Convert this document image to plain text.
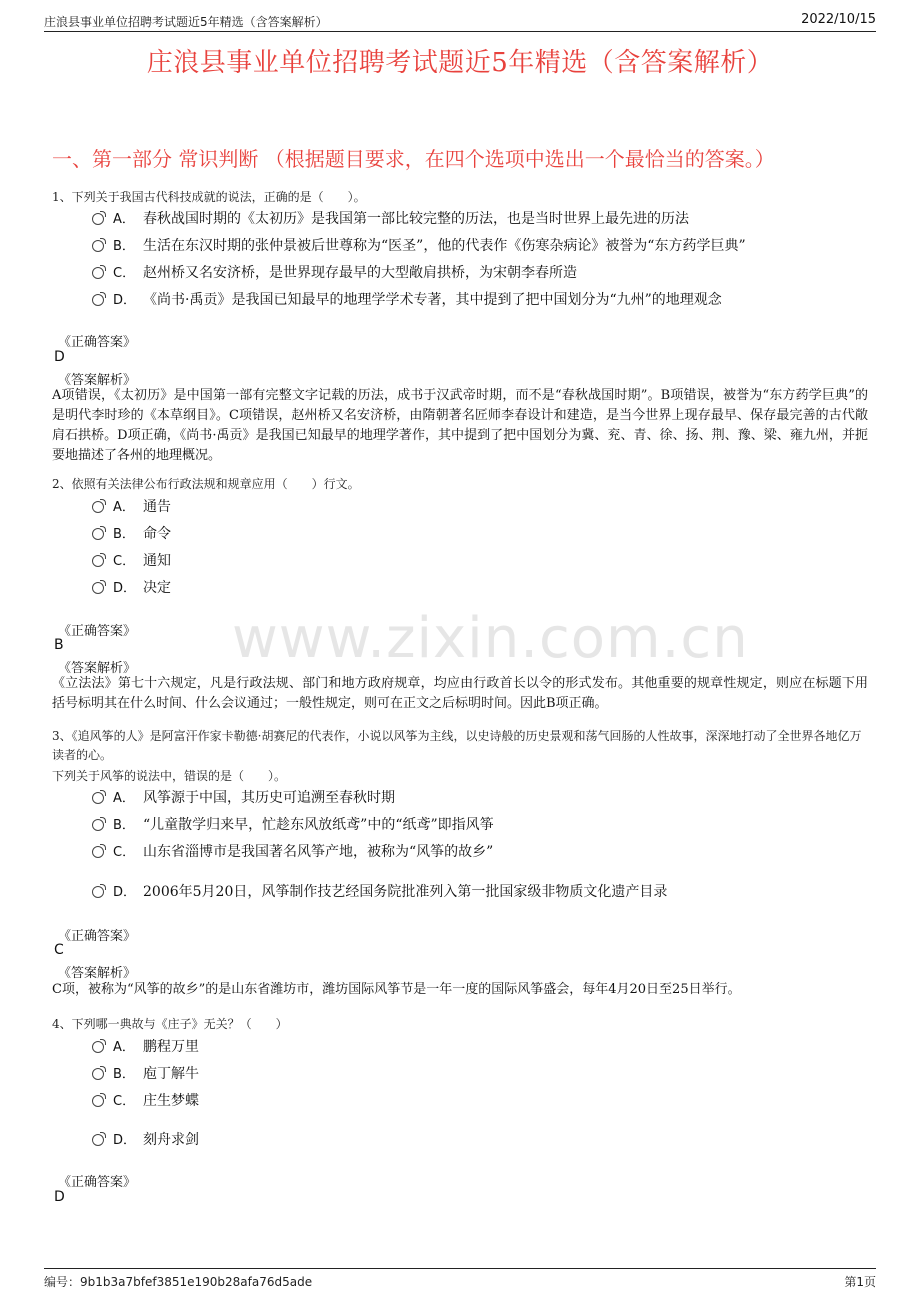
庄浪县事业单位招聘考试题近5年精选（含答案解析）	2022/10/15
庄浪县事业单位招聘考试题近5年精选（含答案解析）
一、第一部分 常识判断 （根据题目要求，在四个选项中选出一个最恰当的答案。）
www.zixin.com.cn
1、下列关于我国古代科技成就的说法，正确的是（　　）。
A． 春秋战国时期的《太初历》是我国第一部比较完整的历法，也是当时世界上最先进的历法
B． 生活在东汉时期的张仲景被后世尊称为“医圣”，他的代表作《伤寒杂病论》被誉为“东方药学巨典”
C． 赵州桥又名安济桥，是世界现存最早的大型敞肩拱桥，为宋朝李春所造
D． 《尚书·禹贡》是我国已知最早的地理学学术专著，其中提到了把中国划分为“九州”的地理观念
《正确答案》
D
《答案解析》
A项错误，《太初历》是中国第一部有完整文字记载的历法，成书于汉武帝时期，而不是“春秋战国时期”。B项错误，被誉为“东方药学巨典”的是明代李时珍的《本草纲目》。C项错误，赵州桥又名安济桥，由隋朝著名匠师李春设计和建造，是当今世界上现存最早、保存最完善的古代敞肩石拱桥。D项正确，《尚书·禹贡》是我国已知最早的地理学著作，其中提到了把中国划分为冀、兖、青、徐、扬、荆、豫、梁、雍九州，并扼要地描述了各州的地理概况。
2、依照有关法律公布行政法规和规章应用（　　）行文。
A． 通告
B． 命令
C． 通知
D． 决定
《正确答案》
B
《答案解析》
《立法法》第七十六规定，凡是行政法规、部门和地方政府规章，均应由行政首长以令的形式发布。其他重要的规章性规定，则应在标题下用括号标明其在什么时间、什么会议通过；一般性规定，则可在正文之后标明时间。因此B项正确。
3、《追风筝的人》是阿富汗作家卡勒德·胡赛尼的代表作，小说以风筝为主线，以史诗般的历史景观和荡气回肠的人性故事，深深地打动了全世界各地亿万读者的心。
下列关于风筝的说法中，错误的是（　　）。
A． 风筝源于中国，其历史可追溯至春秋时期
B． “儿童散学归来早，忙趁东风放纸鸢”中的“纸鸢”即指风筝
C． 山东省淄博市是我国著名风筝产地，被称为“风筝的故乡”
D． 2006年5月20日，风筝制作技艺经国务院批准列入第一批国家级非物质文化遗产目录
《正确答案》
C
《答案解析》
C项，被称为“风筝的故乡”的是山东省潍坊市，潍坊国际风筝节是一年一度的国际风筝盛会，每年4月20日至25日举行。
4、下列哪一典故与《庄子》无关？（　　）
A． 鹏程万里
B． 庖丁解牛
C． 庄生梦蝶
D． 刻舟求剑
《正确答案》
D
编号：9b1b3a7bfef3851e190b28afa76d5ade	第1页
